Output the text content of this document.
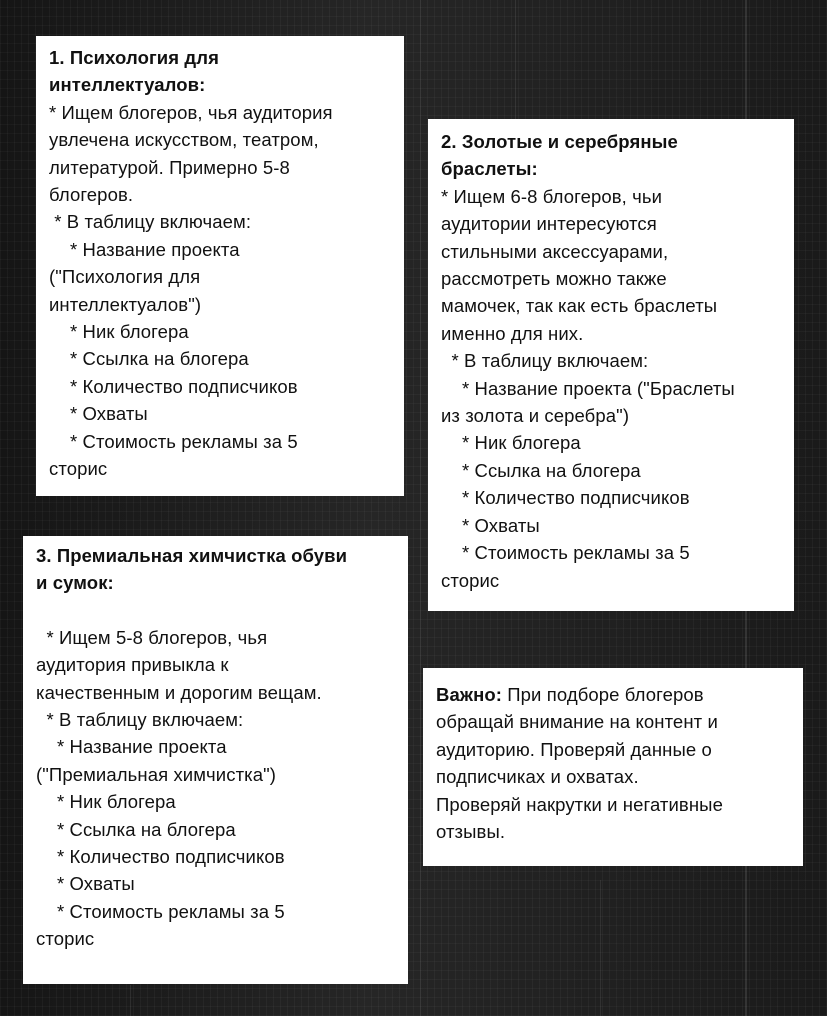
1. Психология для
интеллектуалов:
* Ищем блогеров, чья аудитория
увлечена искусством, театром,
литературой. Примерно 5-8
блогеров.
* В таблицу включаем:
* Название проекта
("Психология для
интеллектуалов")
* Ник блогера
* Ссылка на блогера
* Количество подписчиков
* Охваты
* Стоимость рекламы за 5
сторис
2. Золотые и серебряные
браслеты:
* Ищем 6-8 блогеров, чьи
аудитории интересуются
стильными аксессуарами,
рассмотреть можно также
мамочек, так как есть браслеты
именно для них.
* В таблицу включаем:
* Название проекта ("Браслеты
из золота и серебра")
* Ник блогера
* Ссылка на блогера
* Количество подписчиков
* Охваты
* Стоимость рекламы за 5
сторис
3. Премиальная химчистка обуви
и сумок:
* Ищем 5-8 блогеров, чья
аудитория привыкла к
качественным и дорогим вещам.
* В таблицу включаем:
* Название проекта
("Премиальная химчистка")
* Ник блогера
* Ссылка на блогера
* Количество подписчиков
* Охваты
* Стоимость рекламы за 5
сторис
Важно: При подборе блогеров
обращай внимание на контент и
аудиторию. Проверяй данные о
подписчиках и охватах.
Проверяй накрутки и негативные
отзывы.
